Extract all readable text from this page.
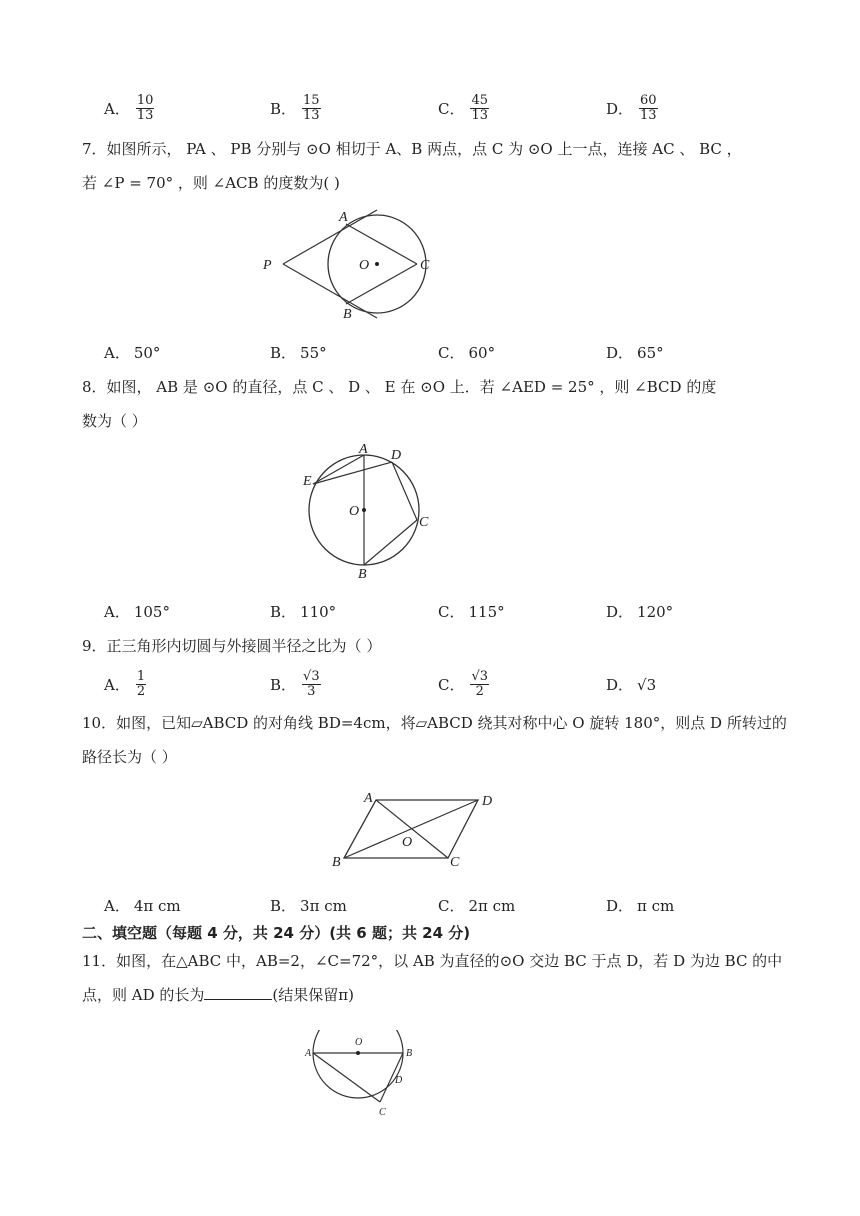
A． $\frac{10}{13}$	B． $\frac{15}{13}$	C． $\frac{45}{13}$	D． $\frac{60}{13}$
7．如图所示， PA 、 PB 分别与 ⊙O 相切于 A、B 两点，点 C 为 ⊙O 上一点，连接 AC 、 BC ，
若 ∠P = 70° ，则 ∠ACB 的度数为( )
P
A
B
C
O
A． 50°	B． 55°	C． 60°	D． 65°
8．如图， AB 是 ⊙O 的直径，点 C 、 D 、 E 在 ⊙O 上．若 ∠AED = 25° ，则 ∠BCD 的度
数为（ ）
A D
E
O
C
B
A． 105°	B． 110°	C． 115°	D． 120°
9．正三角形内切圆与外接圆半径之比为（ ）
A． $\frac{1}{2}$	B． $\frac{√3}{3}$	C． $\frac{√3}{2}$	D． √3
10．如图，已知▱ABCD 的对角线 BD=4cm，将▱ABCD 绕其对称中心 O 旋转 180°，则点 D 所转过的
路径长为（ ）
A	D
O
B	C
A． 4π cm	B． 3π cm	C． 2π cm	D． π cm
二、填空题（每题 4 分，共 24 分）(共 6 题；共 24 分)
11．如图，在△ABC 中，AB=2，∠C=72°，以 AB 为直径的⊙O 交边 BC 于点 D，若 D 为边 BC 的中
点，则 AD 的长为	(结果保留π)
O
A	B
D
C
